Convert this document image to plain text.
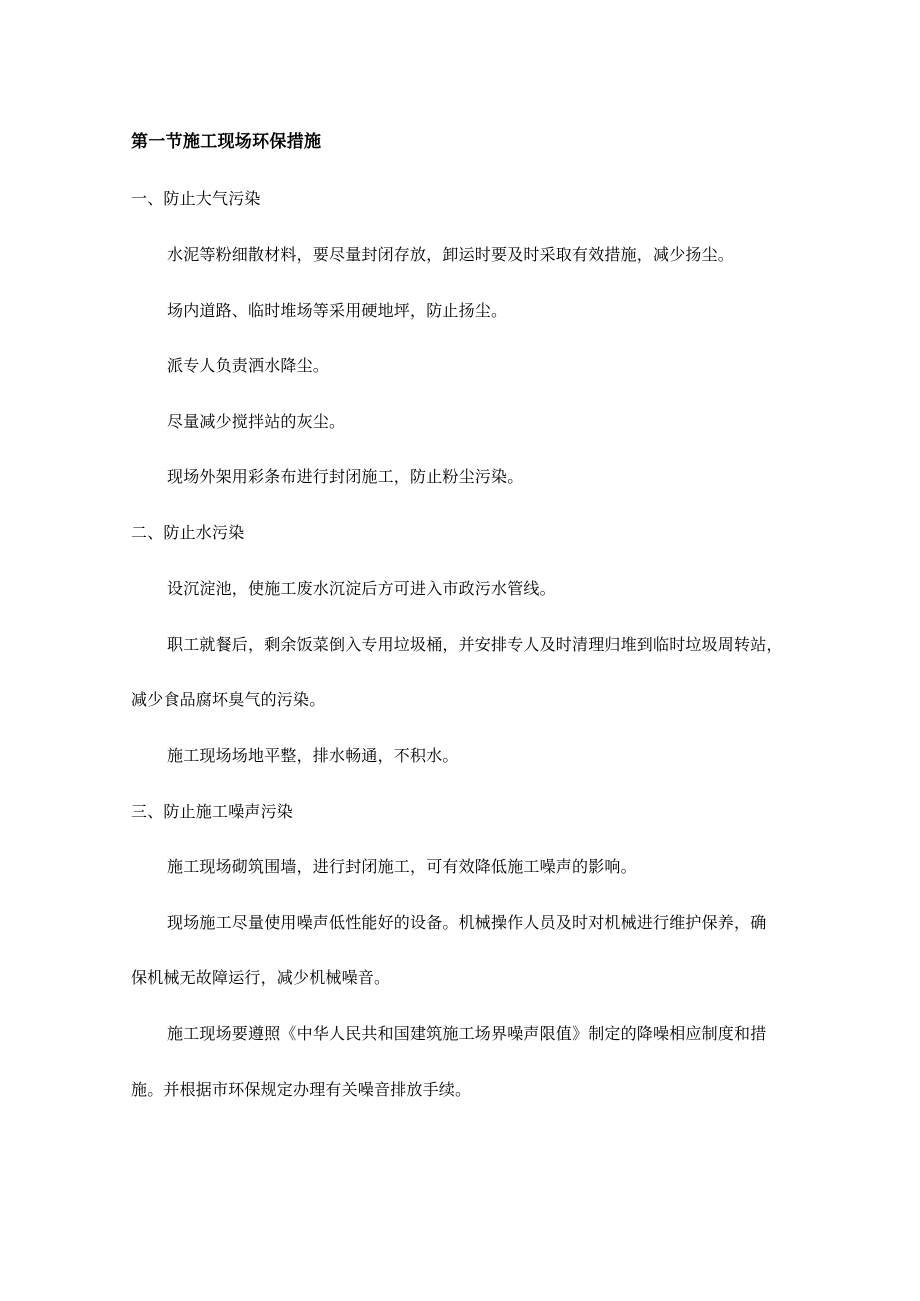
第一节施工现场环保措施

一、防止大气污染

水泥等粉细散材料，要尽量封闭存放，卸运时要及时采取有效措施，减少扬尘。

场内道路、临时堆场等采用硬地坪，防止扬尘。

派专人负责洒水降尘。

尽量减少搅拌站的灰尘。

现场外架用彩条布进行封闭施工，防止粉尘污染。

二、防止水污染

设沉淀池，使施工废水沉淀后方可进入市政污水管线。

职工就餐后，剩余饭菜倒入专用垃圾桶，并安排专人及时清理归堆到临时垃圾周转站，

减少食品腐坏臭气的污染。

施工现场场地平整，排水畅通，不积水。

三、防止施工噪声污染

施工现场砌筑围墙，进行封闭施工，可有效降低施工噪声的影响。

现场施工尽量使用噪声低性能好的设备。机械操作人员及时对机械进行维护保养，确

保机械无故障运行，减少机械噪音。

施工现场要遵照《中华人民共和国建筑施工场界噪声限值》制定的降噪相应制度和措

施。并根据市环保规定办理有关噪音排放手续。
